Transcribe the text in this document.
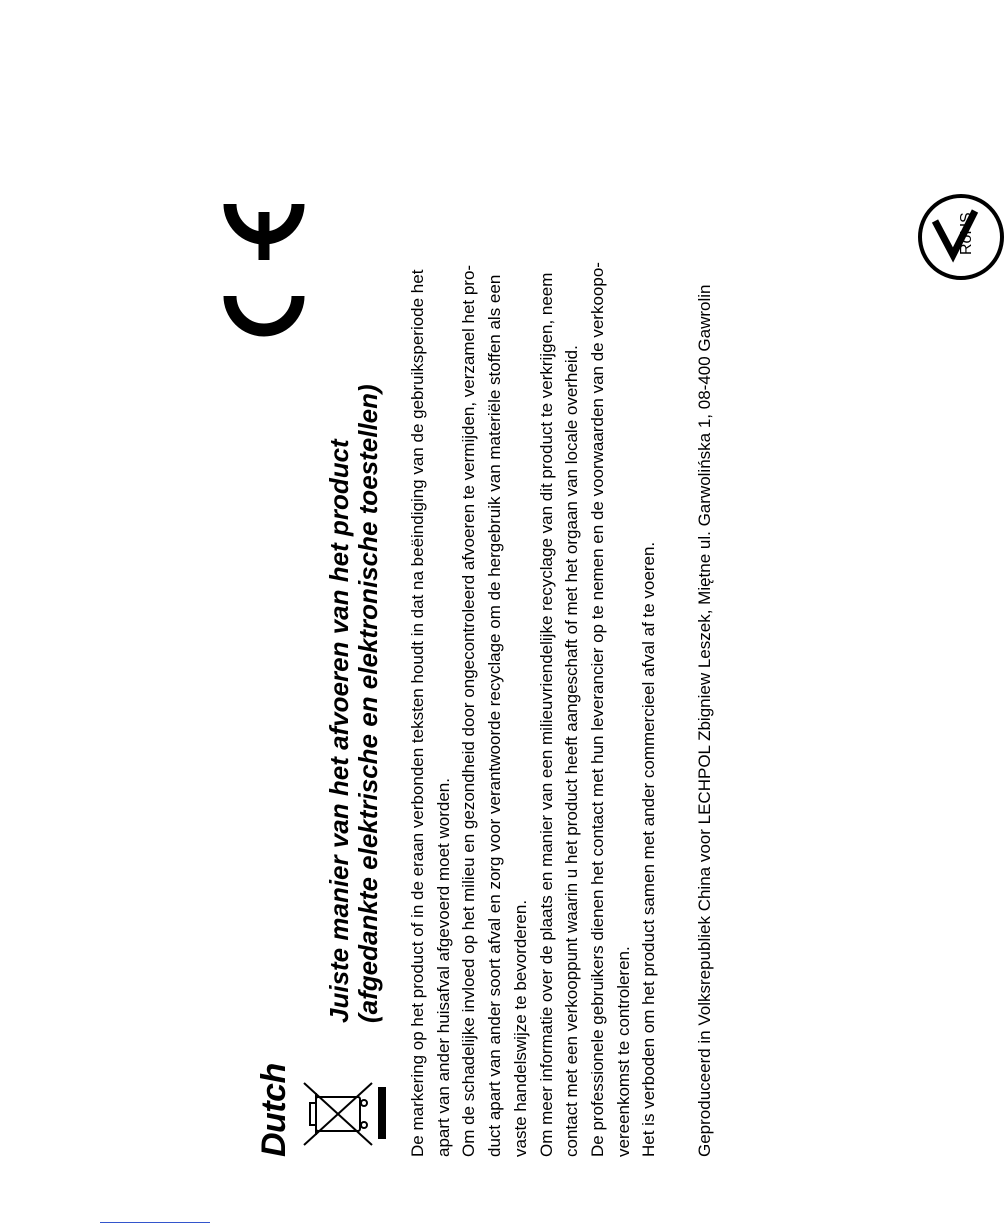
Dutch
Juiste manier van het afvoeren van het product (afgedankte elektrische en elektronische toestellen)
RoHS

De markering op het product of in de eraan verbonden teksten houdt in dat na beëindiging van de gebruiksperiode het apart van ander huisafval afgevoerd moet worden. Om de schadelijke invloed op het milieu en gezondheid door ongecontroleerd afvoeren te vermijden, verzamel het pro- duct apart van ander soort afval en zorg voor verantwoorde recyclage om de hergebruik van materiële stoffen als een vaste handelswijze te bevorderen. Om meer informatie over de plaats en manier van een milieuvriendelijke recyclage van dit product te verkrijgen, neem contact met een verkooppunt waarin u het product heeft aangeschaft of met het orgaan van locale overheid. De professionele gebruikers dienen het contact met hun leverancier op te nemen en de voorwaarden van de verkoopo- vereenkomst te controleren. Het is verboden om het product samen met ander commercieel afval af te voeren. Geproduceerd in Volksrepubliek China voor LECHPOL Zbigniew Leszek, Miętne ul. Garwolińska 1, 08-400 Gawrolin
